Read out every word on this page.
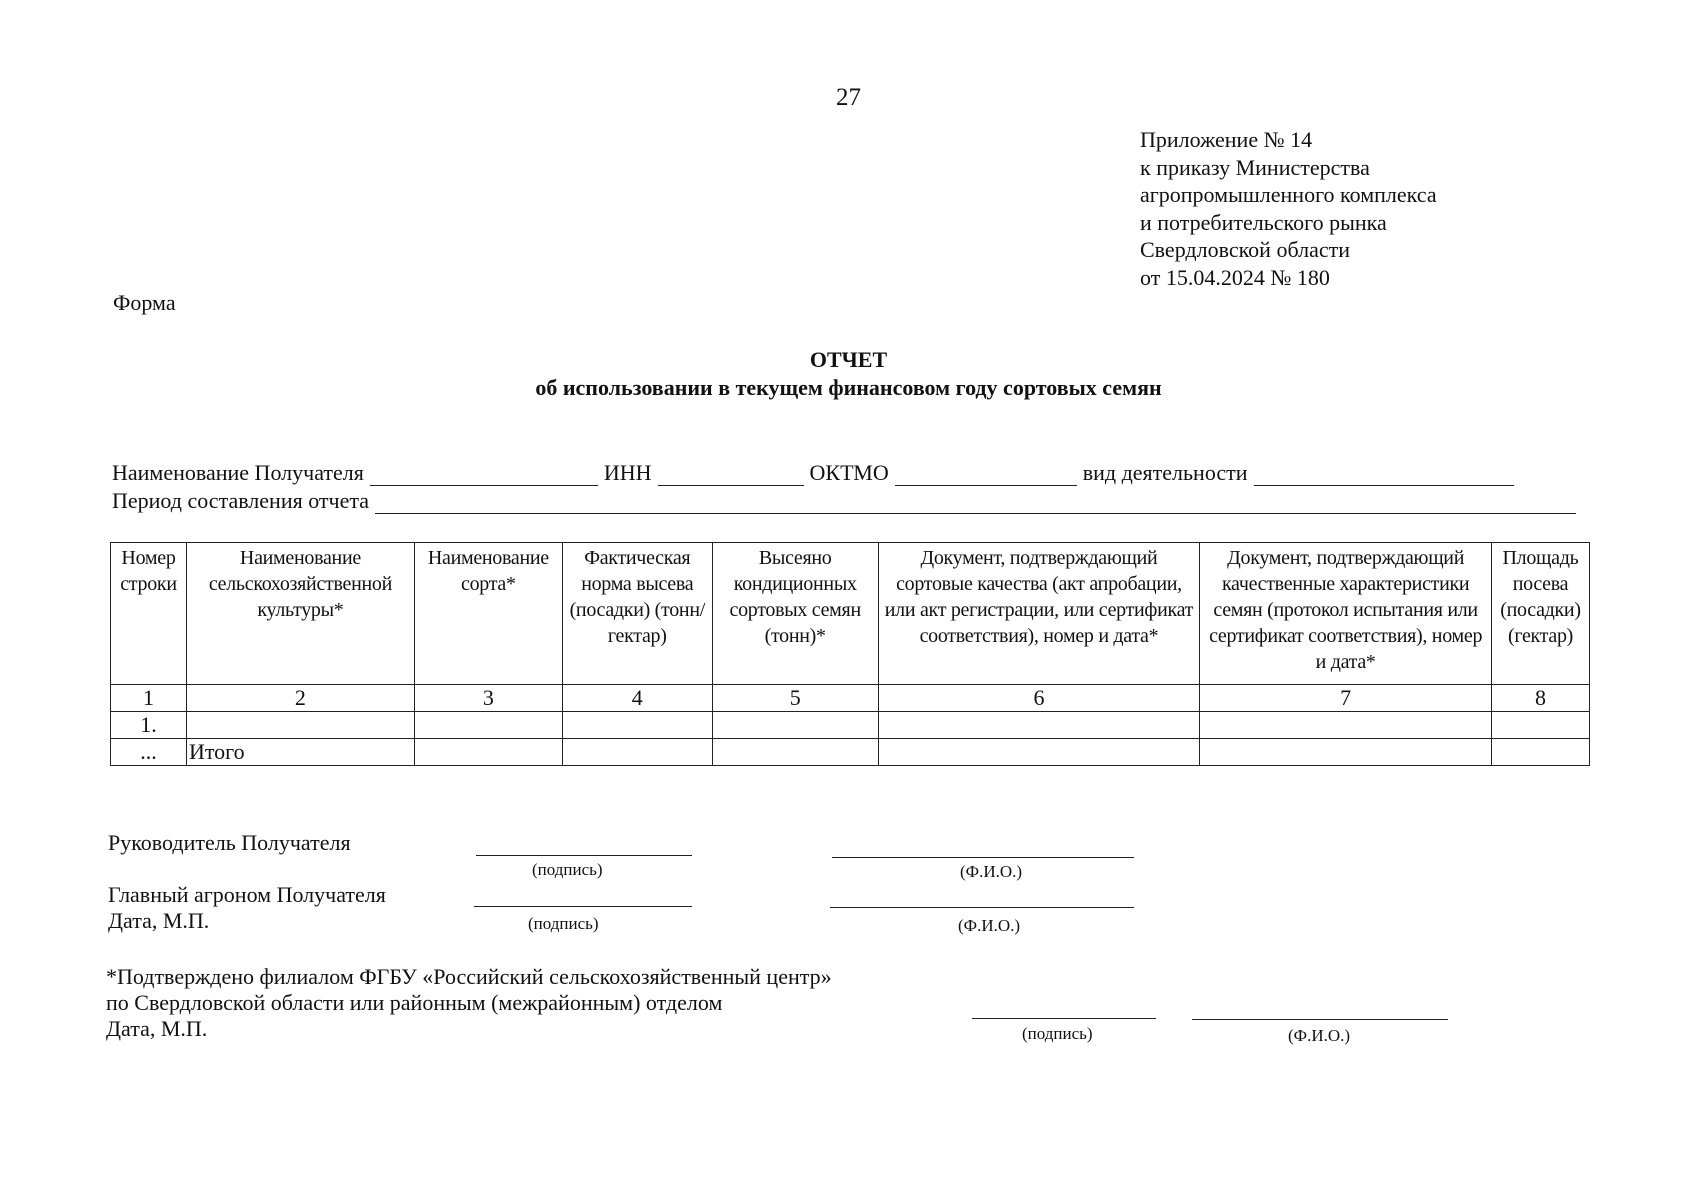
27
Приложение № 14
к приказу Министерства
агропромышленного комплекса
и потребительского рынка
Свердловской области
от 15.04.2024 № 180
Форма
ОТЧЕТ
об использовании в текущем финансовом году сортовых семян
Наименование Получателя	ИНН	ОКТМО	вид деятельности
Период составления отчета
Номер строки	Наименование сельскохозяйственной культуры*	Наименование сорта*	Фактическая норма высева (посадки) (тонн/гектар)	Высеяно кондиционных сортовых семян (тонн)*	Документ, подтверждающий сортовые качества (акт апробации, или акт регистрации, или сертификат соответствия), номер и дата*	Документ, подтверждающий качественные характеристики семян (протокол испытания или сертификат соответствия), номер и дата*	Площадь посева (посадки) (гектар)
1	2	3	4	5	6	7	8
1.							
...	Итого						
Руководитель Получателя
(подпись)	(Ф.И.О.)
Главный агроном Получателя
Дата, М.П.	(подпись)	(Ф.И.О.)
*Подтверждено филиалом ФГБУ «Российский сельскохозяйственный центр»
по Свердловской области или районным (межрайонным) отделом
Дата, М.П.	(подпись)	(Ф.И.О.)
